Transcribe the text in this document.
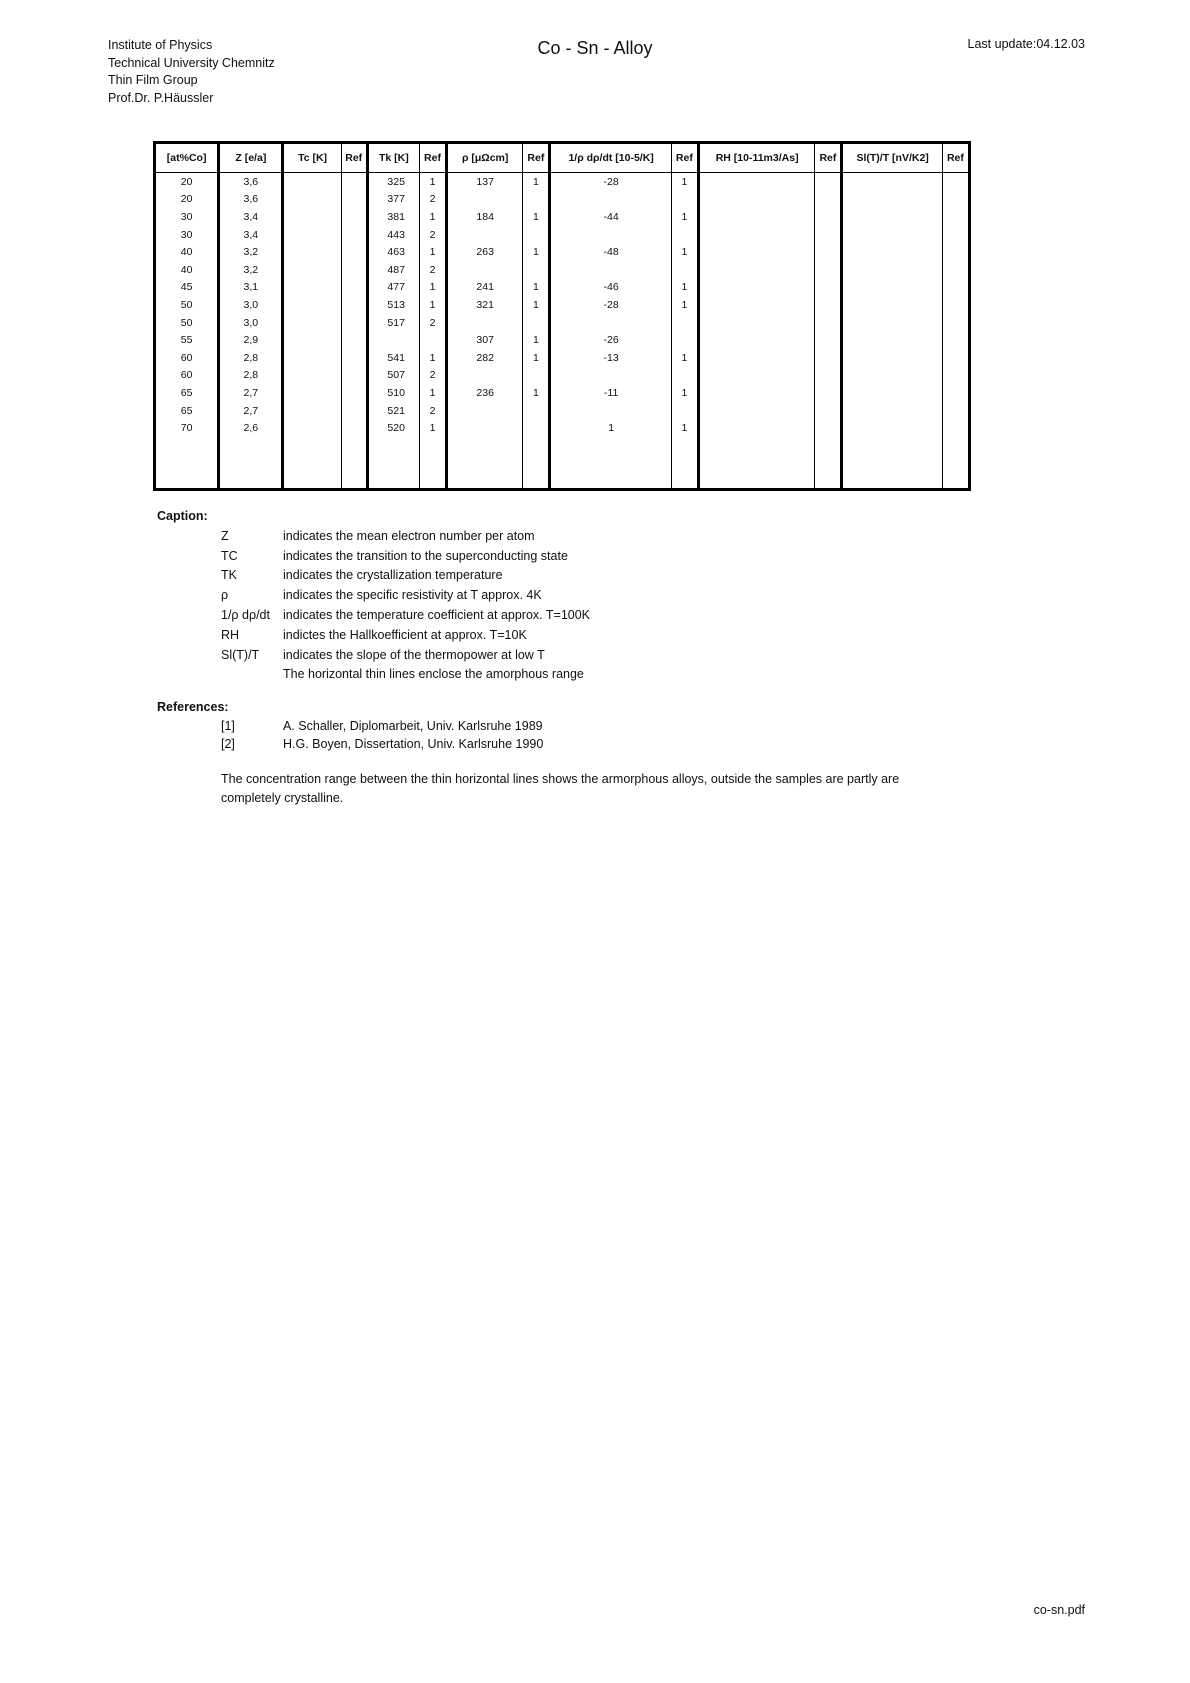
Institute of Physics
Technical University Chemnitz
Thin Film Group
Prof.Dr. P.Häussler
Co - Sn - Alloy	Last update:04.12.03
[at%Co]	Z [e/a]	Tc [K]	Ref	Tk [K]	Ref	ρ [μΩcm]	Ref	1/ρ dρ/dt [10-5/K]	Ref	RH [10-11m3/As]	Ref	Sl(T)/T [nV/K2]	Ref
20	3,6			325	1	137	1	-28	1				
20	3,6			377	2								
30	3,4			381	1	184	1	-44	1				
30	3,4			443	2								
40	3,2			463	1	263	1	-48	1				
40	3,2			487	2								
45	3,1			477	1	241	1	-46	1				
50	3,0			513	1	321	1	-28	1				
50	3,0			517	2								
55	2,9					307	1	-26					
60	2,8			541	1	282	1	-13	1				
60	2,8			507	2								
65	2,7			510	1	236	1	-11	1				
65	2,7			521	2								
70	2,6			520	1			1	1				

Caption:
Z	indicates the mean electron number per atom
TC	indicates the transition to the superconducting state
TK	indicates the crystallization temperature
ρ	indicates the specific resistivity at T approx. 4K
1/ρ dρ/dt	indicates the temperature coefficient at approx. T=100K
RH	indictes the Hallkoefficient at approx. T=10K
Sl(T)/T	indicates the slope of the thermopower at low T
The horizontal thin lines enclose the amorphous range
References:
[1]	A. Schaller, Diplomarbeit, Univ. Karlsruhe 1989
[2]	H.G. Boyen, Dissertation, Univ. Karlsruhe 1990
The concentration range between the thin horizontal lines shows the armorphous alloys, outside the samples are partly are completely crystalline.
co-sn.pdf
